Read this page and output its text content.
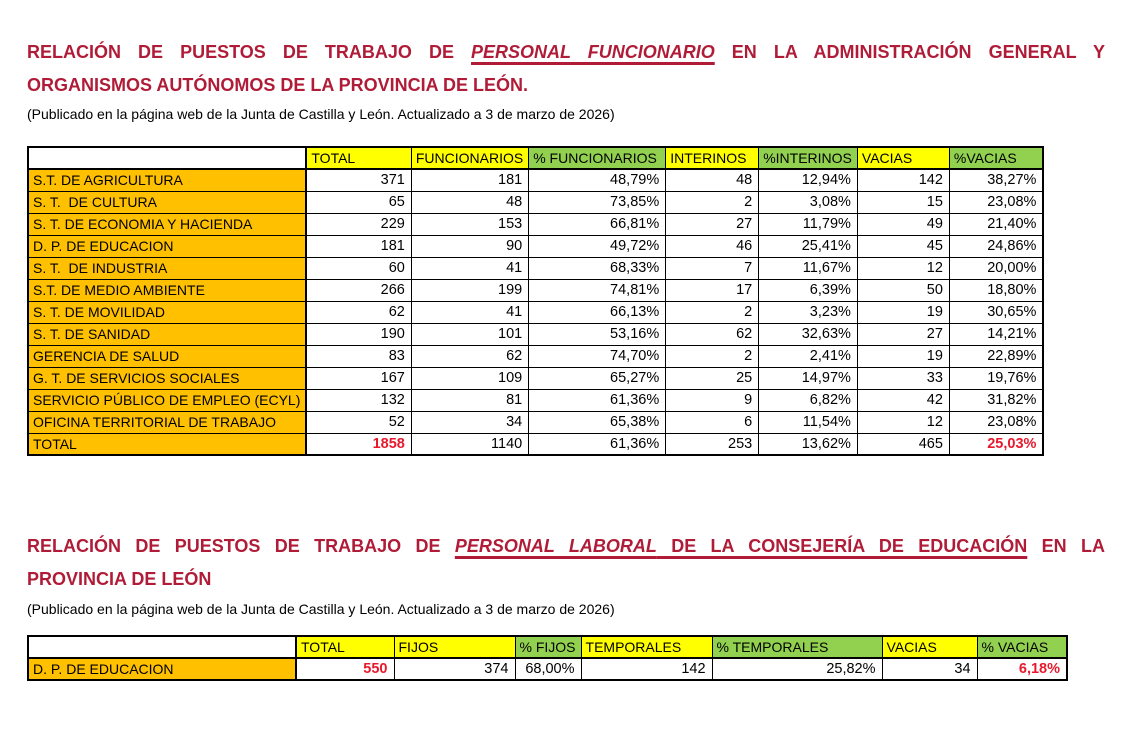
RELACIÓN DE PUESTOS DE TRABAJO DE PERSONAL FUNCIONARIO EN LA ADMINISTRACIÓN GENERAL Y
ORGANISMOS AUTÓNOMOS DE LA PROVINCIA DE LEÓN.
(Publicado en la página web de la Junta de Castilla y León. Actualizado a 3 de marzo de 2026)
	TOTAL	FUNCIONARIOS	% FUNCIONARIOS	INTERINOS	%INTERINOS	VACIAS	%VACIAS
S.T. DE AGRICULTURA	371	181	48,79%	48	12,94%	142	38,27%
S. T.  DE CULTURA	65	48	73,85%	2	3,08%	15	23,08%
S. T. DE ECONOMIA Y HACIENDA	229	153	66,81%	27	11,79%	49	21,40%
D. P. DE EDUCACION	181	90	49,72%	46	25,41%	45	24,86%
S. T.  DE INDUSTRIA	60	41	68,33%	7	11,67%	12	20,00%
S.T. DE MEDIO AMBIENTE	266	199	74,81%	17	6,39%	50	18,80%
S. T. DE MOVILIDAD	62	41	66,13%	2	3,23%	19	30,65%
S. T. DE SANIDAD	190	101	53,16%	62	32,63%	27	14,21%
GERENCIA DE SALUD	83	62	74,70%	2	2,41%	19	22,89%
G. T. DE SERVICIOS SOCIALES	167	109	65,27%	25	14,97%	33	19,76%
SERVICIO PÚBLICO DE EMPLEO (ECYL)	132	81	61,36%	9	6,82%	42	31,82%
OFICINA TERRITORIAL DE TRABAJO	52	34	65,38%	6	11,54%	12	23,08%
TOTAL	1858	1140	61,36%	253	13,62%	465	25,03%
RELACIÓN DE PUESTOS DE TRABAJO DE PERSONAL LABORAL DE LA CONSEJERÍA DE EDUCACIÓN EN LA
PROVINCIA DE LEÓN
(Publicado en la página web de la Junta de Castilla y León. Actualizado a 3 de marzo de 2026)
	TOTAL	FIJOS	% FIJOS	TEMPORALES	% TEMPORALES	VACIAS	% VACIAS
D. P. DE EDUCACION	550	374	68,00%	142	25,82%	34	6,18%
